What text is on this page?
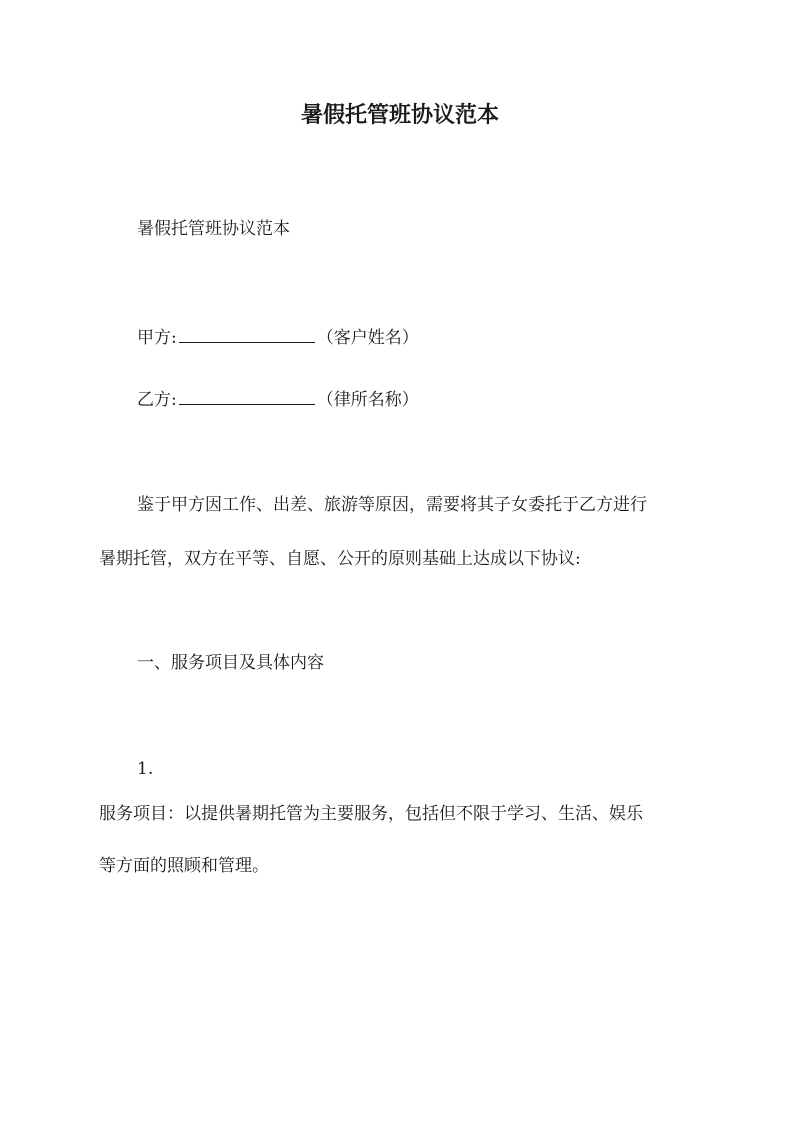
暑假托管班协议范本
暑假托管班协议范本
甲方:	（客户姓名）
乙方:	（律所名称）
鉴于甲方因工作、出差、旅游等原因，需要将其子女委托于乙方进行
暑期托管，双方在平等、自愿、公开的原则基础上达成以下协议:
一、服务项目及具体内容
1.
服务项目：以提供暑期托管为主要服务，包括但不限于学习、生活、娱乐
等方面的照顾和管理。
